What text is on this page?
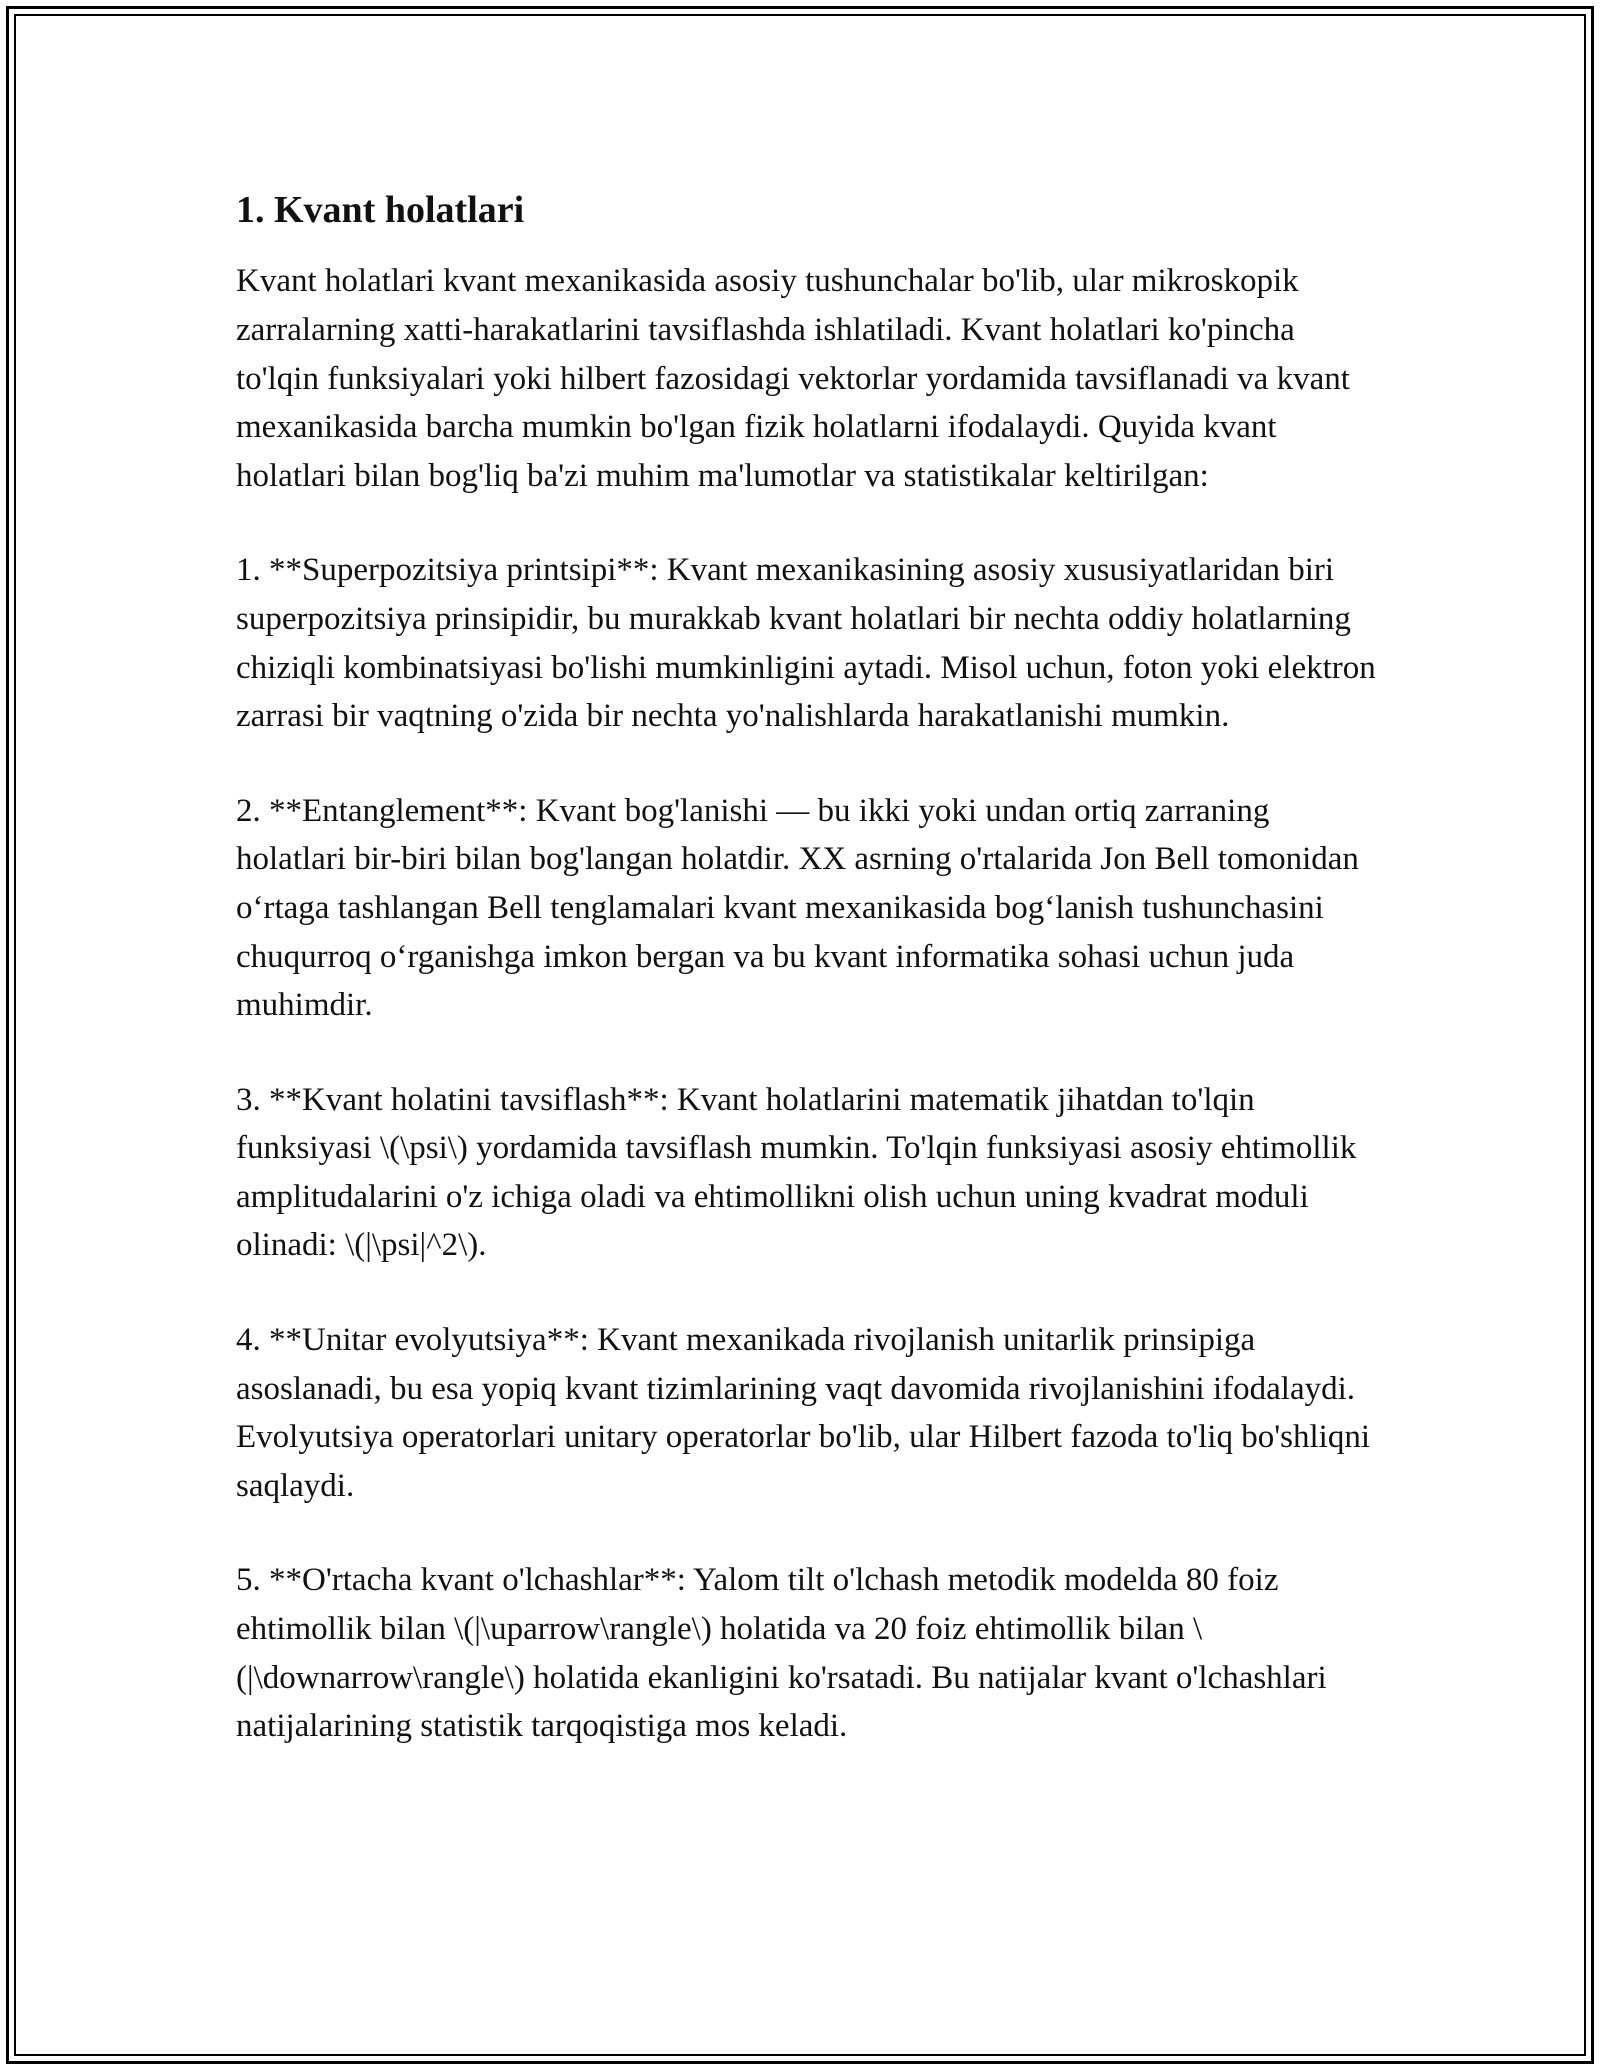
1. Kvant holatlari

Kvant holatlari kvant mexanikasida asosiy tushunchalar bo'lib, ular mikroskopik zarralarning xatti-harakatlarini tavsiflashda ishlatiladi. Kvant holatlari ko'pincha to'lqin funksiyalari yoki hilbert fazosidagi vektorlar yordamida tavsiflanadi va kvant mexanikasida barcha mumkin bo'lgan fizik holatlarni ifodalaydi. Quyida kvant holatlari bilan bog'liq ba'zi muhim ma'lumotlar va statistikalar keltirilgan:

1. **Superpozitsiya printsipi**: Kvant mexanikasining asosiy xususiyatlaridan biri superpozitsiya prinsipidir, bu murakkab kvant holatlari bir nechta oddiy holatlarning chiziqli kombinatsiyasi bo'lishi mumkinligini aytadi. Misol uchun, foton yoki elektron zarrasi bir vaqtning o'zida bir nechta yo'nalishlarda harakatlanishi mumkin.

2. **Entanglement**: Kvant bog'lanishi — bu ikki yoki undan ortiq zarraning holatlari bir-biri bilan bog'langan holatdir. XX asrning o'rtalarida Jon Bell tomonidan o‘rtaga tashlangan Bell tenglamalari kvant mexanikasida bog‘lanish tushunchasini chuqurroq o‘rganishga imkon bergan va bu kvant informatika sohasi uchun juda muhimdir.

3. **Kvant holatini tavsiflash**: Kvant holatlarini matematik jihatdan to'lqin funksiyasi \(\psi\) yordamida tavsiflash mumkin. To'lqin funksiyasi asosiy ehtimollik amplitudalarini o'z ichiga oladi va ehtimollikni olish uchun uning kvadrat moduli olinadi: \(|\psi|^2\).

4. **Unitar evolyutsiya**: Kvant mexanikada rivojlanish unitarlik prinsipiga asoslanadi, bu esa yopiq kvant tizimlarining vaqt davomida rivojlanishini ifodalaydi. Evolyutsiya operatorlari unitary operatorlar bo'lib, ular Hilbert fazoda to'liq bo'shliqni saqlaydi.

5. **O'rtacha kvant o'lchashlar**: Yalom tilt o'lchash metodik modelda 80 foiz ehtimollik bilan \(|\uparrow\rangle\) holatida va 20 foiz ehtimollik bilan \(|\downarrow\rangle\) holatida ekanligini ko'rsatadi. Bu natijalar kvant o'lchashlari natijalarining statistik tarqoqistiga mos keladi.
